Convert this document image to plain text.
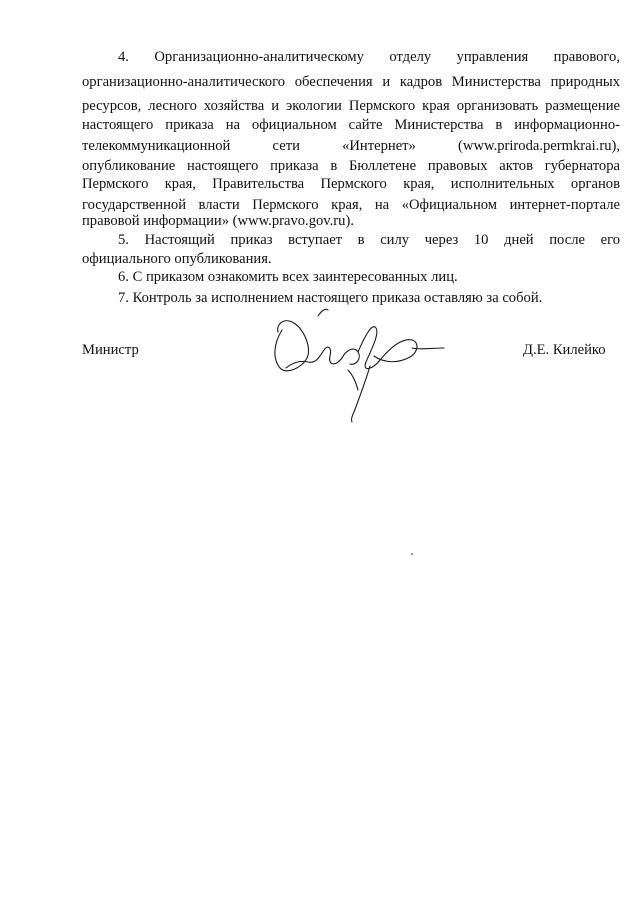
4. Организационно-аналитическому отделу управления правового,
организационно-аналитического обеспечения и кадров Министерства природных
ресурсов, лесного хозяйства и экологии Пермского края организовать размещение
настоящего приказа на официальном сайте Министерства в информационно-
телекоммуникационной сети «Интернет» (www.priroda.permkrai.ru),
опубликование настоящего приказа в Бюллетене правовых актов губернатора
Пермского края, Правительства Пермского края, исполнительных органов
государственной власти Пермского края, на «Официальном интернет-портале
правовой информации» (www.pravo.gov.ru).
5. Настоящий приказ вступает в силу через 10 дней после его
официального опубликования.
6. С приказом ознакомить всех заинтересованных лиц.
7. Контроль за исполнением настоящего приказа оставляю за собой.
Министр	Д.Е. Килейко
